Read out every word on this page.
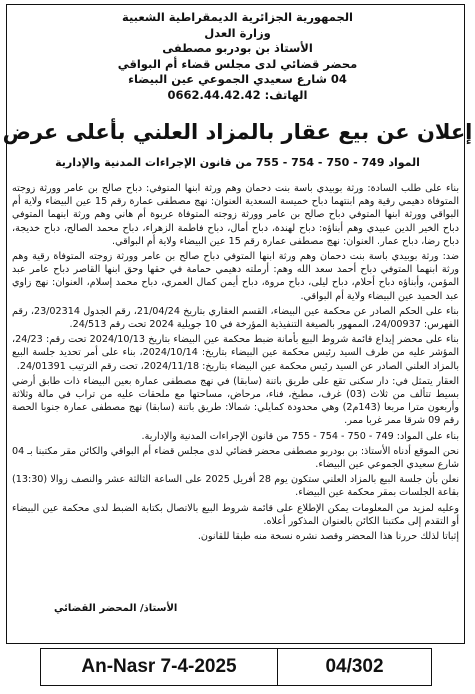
الجمهورية الجزائرية الديمقراطية الشعبية
وزارة العدل
الأستاذ بن بودربو مصطفى
محضر قضائي لدى مجلس قضاء أم البواقي
04 شارع سعيدي الجموعي عين البيضاء
الهاتف: 0662.44.42.42
إعلان عن بيع عقار بالمزاد العلني بأعلى عرض
المواد 749 - 750 - 754 - 755 من قانون الإجراءات المدنية والإدارية

بناء على طلب السادة: ورثة بوبيدي باسة بنت دحمان وهم ورثة ابنها المتوفي: دباح صالح بن عامر وورثة زوجته المتوفاة دهيمي رقية وهم ابنتهما دباح خميسة السعدية العنوان: نهج مصطفى عمارة رقم 15 عين البيضاء ولاية أم البواقي وورثة ابنها المتوفي دباح صالح بن عامر وورثة زوجته المتوفاة عربوة أم هاني وهم ورثة ابنهما المتوفي دباح الخير الدين عبيدي وهم أبناؤه: دباح لهندة، دباح أمال، دباح فاطمة الزهراء، دباح محمد الصالح، دباح خديجة، دباح رضا، دباح عمار. العنوان: نهج مصطفى عمارة رقم 15 عين البيضاء ولاية أم البواقي.

ضد: ورثة بوبيدي باسة بنت دحمان وهم ورثة ابنها المتوفي دباح صالح بن عامر وورثة زوجته المتوفاة رقية وهم ورثة ابنهما المتوفي دباح أحمد سعد الله وهم: أرملته دهيمي حمامة في حقها وحق ابنها القاصر دباح عامر عبد المؤمن، وأبناؤه دباح أحلام، دباح ليلى، دباح مروة، دباح أيمن كمال العمري، دباح محمد إسلام، العنوان: نهج زاوي عبد الحميد عين البيضاء ولاية أم البواقي.

بناء على الحكم الصادر عن محكمة عين البيضاء، القسم العقاري بتاريخ 21/04/24، رقم الجدول 23/02314، رقم الفهرس: 24/00937، الممهور بالصيغة التنفيذية المؤرخة في 10 جويلية 2024 تحت رقم 24/513.

بناء على محضر إيداع قائمة شروط البيع بأمانة ضبط محكمة عين البيضاء بتاريخ 2024/10/13 تحت رقم: 24/23، المؤشر عليه من طرف السيد رئيس محكمة عين البيضاء بتاريخ: 2024/10/14، بناء على أمر تحديد جلسة البيع بالمزاد العلني الصادر عن السيد رئيس محكمة عين البيضاء بتاريخ: 2024/11/18، تحت رقم الترتيب 24/01391.

العقار يتمثل في: دار سكنى تقع على طريق باتنة (سابقا) في نهج مصطفى عمارة بعين البيضاء ذات طابق أرضي بسيط تتألف من ثلاث (03) غرف، مطبخ، فناء، مرحاض، مساحتها مع ملحقات عليه من تراب في مالة وثلاثة وأربعون مترا مربعا (143م2) وهي محدودة كمايلي: شمالا: طريق باتنة (سابقا) نهج مصطفى عمارة جنوبا الحصة رقم 09 شرقا ممر غربا ممر.

بناء على المواد: 749 - 750 - 754 - 755 من قانون الإجراءات المدنية والإدارية.

نحن الموقع أدناه الأستاذ: بن بودربو مصطفى محضر قضائي لدى مجلس قضاء أم البواقي والكائن مقر مكتبنا بـ 04 شارع سعيدي الجموعي عين البيضاء.

نعلن بأن جلسة البيع بالمزاد العلني ستكون يوم 28 أفريل 2025 على الساعة الثالثة عشر والنصف زوالا (13:30) بقاعة الجلسات بمقر محكمة عين البيضاء.

وعليه لمزيد من المعلومات يمكن الإطلاع على قائمة شروط البيع بالاتصال بكتابة الضبط لدى محكمة عين البيضاء أو التقدم إلى مكتبنا الكائن بالعنوان المذكور أعلاه.

إثباتا لذلك حررنا هذا المحضر وقصد نشره نسخة منه طبقا للقانون.

الأستاذ/ المحضر القضائي
An-Nasr 7-4-2025	04/302
